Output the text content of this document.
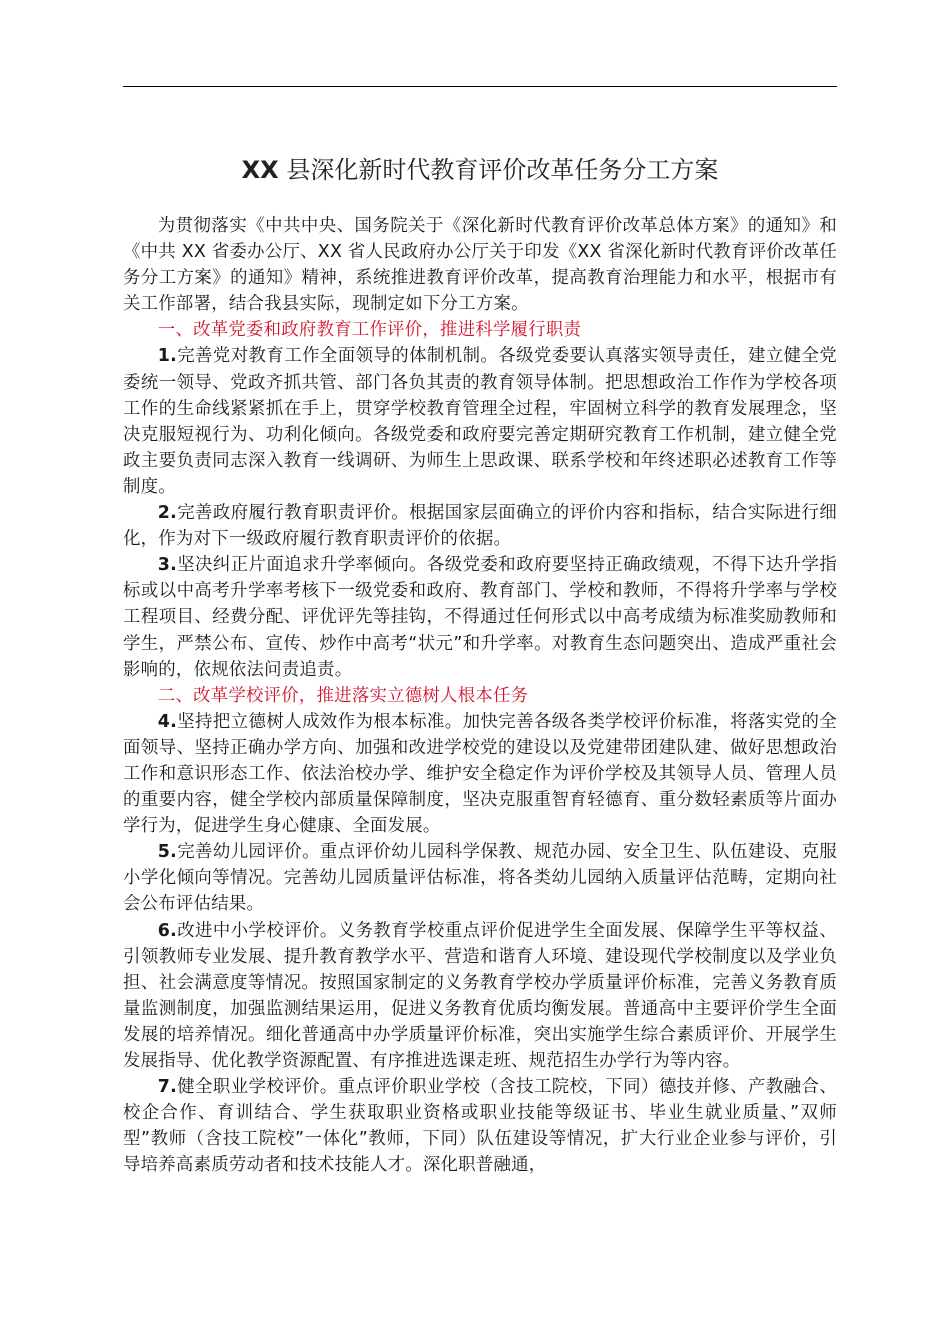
XX 县深化新时代教育评价改革任务分工方案

为贯彻落实《中共中央、国务院关于《深化新时代教育评价改革总体方案》的通知》和《中共 XX 省委办公厅、XX 省人民政府办公厅关于印发《XX 省深化新时代教育评价改革任务分工方案》的通知》精神，系统推进教育评价改革，提高教育治理能力和水平，根据市有关工作部署，结合我县实际，现制定如下分工方案。

一、改革党委和政府教育工作评价，推进科学履行职责

1.完善党对教育工作全面领导的体制机制。各级党委要认真落实领导责任，建立健全党委统一领导、党政齐抓共管、部门各负其责的教育领导体制。把思想政治工作作为学校各项工作的生命线紧紧抓在手上，贯穿学校教育管理全过程，牢固树立科学的教育发展理念，坚决克服短视行为、功利化倾向。各级党委和政府要完善定期研究教育工作机制，建立健全党政主要负责同志深入教育一线调研、为师生上思政课、联系学校和年终述职必述教育工作等制度。

2.完善政府履行教育职责评价。根据国家层面确立的评价内容和指标，结合实际进行细化，作为对下一级政府履行教育职责评价的依据。

3.坚决纠正片面追求升学率倾向。各级党委和政府要坚持正确政绩观，不得下达升学指标或以中高考升学率考核下一级党委和政府、教育部门、学校和教师，不得将升学率与学校工程项目、经费分配、评优评先等挂钩，不得通过任何形式以中高考成绩为标准奖励教师和学生，严禁公布、宣传、炒作中高考“状元”和升学率。对教育生态问题突出、造成严重社会影响的，依规依法问责追责。

二、改革学校评价，推进落实立德树人根本任务

4.坚持把立德树人成效作为根本标准。加快完善各级各类学校评价标准，将落实党的全面领导、坚持正确办学方向、加强和改进学校党的建设以及党建带团建队建、做好思想政治工作和意识形态工作、依法治校办学、维护安全稳定作为评价学校及其领导人员、管理人员的重要内容，健全学校内部质量保障制度，坚决克服重智育轻德育、重分数轻素质等片面办学行为，促进学生身心健康、全面发展。

5.完善幼儿园评价。重点评价幼儿园科学保教、规范办园、安全卫生、队伍建设、克服小学化倾向等情况。完善幼儿园质量评估标准，将各类幼儿园纳入质量评估范畴，定期向社会公布评估结果。

6.改进中小学校评价。义务教育学校重点评价促进学生全面发展、保障学生平等权益、引领教师专业发展、提升教育教学水平、营造和谐育人环境、建设现代学校制度以及学业负担、社会满意度等情况。按照国家制定的义务教育学校办学质量评价标准，完善义务教育质量监测制度，加强监测结果运用，促进义务教育优质均衡发展。普通高中主要评价学生全面发展的培养情况。细化普通高中办学质量评价标准，突出实施学生综合素质评价、开展学生发展指导、优化教学资源配置、有序推进选课走班、规范招生办学行为等内容。

7.健全职业学校评价。重点评价职业学校（含技工院校，下同）德技并修、产教融合、校企合作、育训结合、学生获取职业资格或职业技能等级证书、毕业生就业质量、”双师型”教师（含技工院校”一体化”教师，下同）队伍建设等情况，扩大行业企业参与评价，引导培养高素质劳动者和技术技能人才。深化职普融通，
